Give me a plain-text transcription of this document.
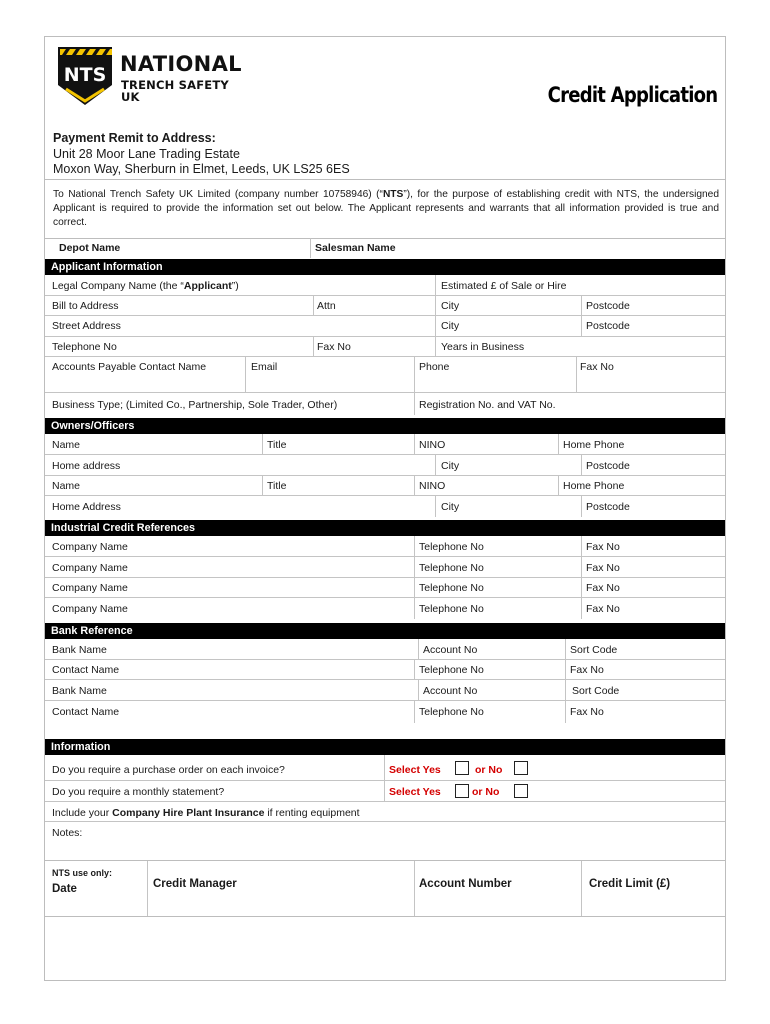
NTS NATIONAL
TRENCH SAFETY UK	Credit Application
Payment Remit to Address:
Unit 28 Moor Lane Trading Estate
Moxon Way, Sherburn in Elmet, Leeds, UK LS25 6ES
To National Trench Safety UK Limited (company number 10758946) (“NTS”), for the purpose of establishing credit with NTS, the undersigned Applicant is required to provide the information set out below. The Applicant represents and warrants that all information provided is true and correct.
Depot Name	Salesman Name
Applicant Information
Legal Company Name (the “Applicant”)	Estimated £ of Sale or Hire
Bill to Address	Attn	City	Postcode
Street Address	City	Postcode
Telephone No	Fax No	Years in Business
Accounts Payable Contact Name	Email	Phone	Fax No
Business Type; (Limited Co., Partnership, Sole Trader, Other)	Registration No. and VAT No.
Owners/Officers
Name	Title	NINO	Home Phone
Home address	City	Postcode
Name	Title	NINO	Home Phone
Home Address	City	Postcode
Industrial Credit References
Company Name	Telephone No	Fax No
Company Name	Telephone No	Fax No
Company Name	Telephone No	Fax No
Company Name	Telephone No	Fax No
Bank Reference
Bank Name	Account No	Sort Code
Contact Name	Telephone No	Fax No
Bank Name	Account No	Sort Code
Contact Name	Telephone No	Fax No
Information
Do you require a purchase order on each invoice?	Select Yes	or No
Do you require a monthly statement?	Select Yes	or No
Include your Company Hire Plant Insurance if renting equipment
Notes:
NTS use only:
Date	Credit Manager	Account Number	Credit Limit (£)
